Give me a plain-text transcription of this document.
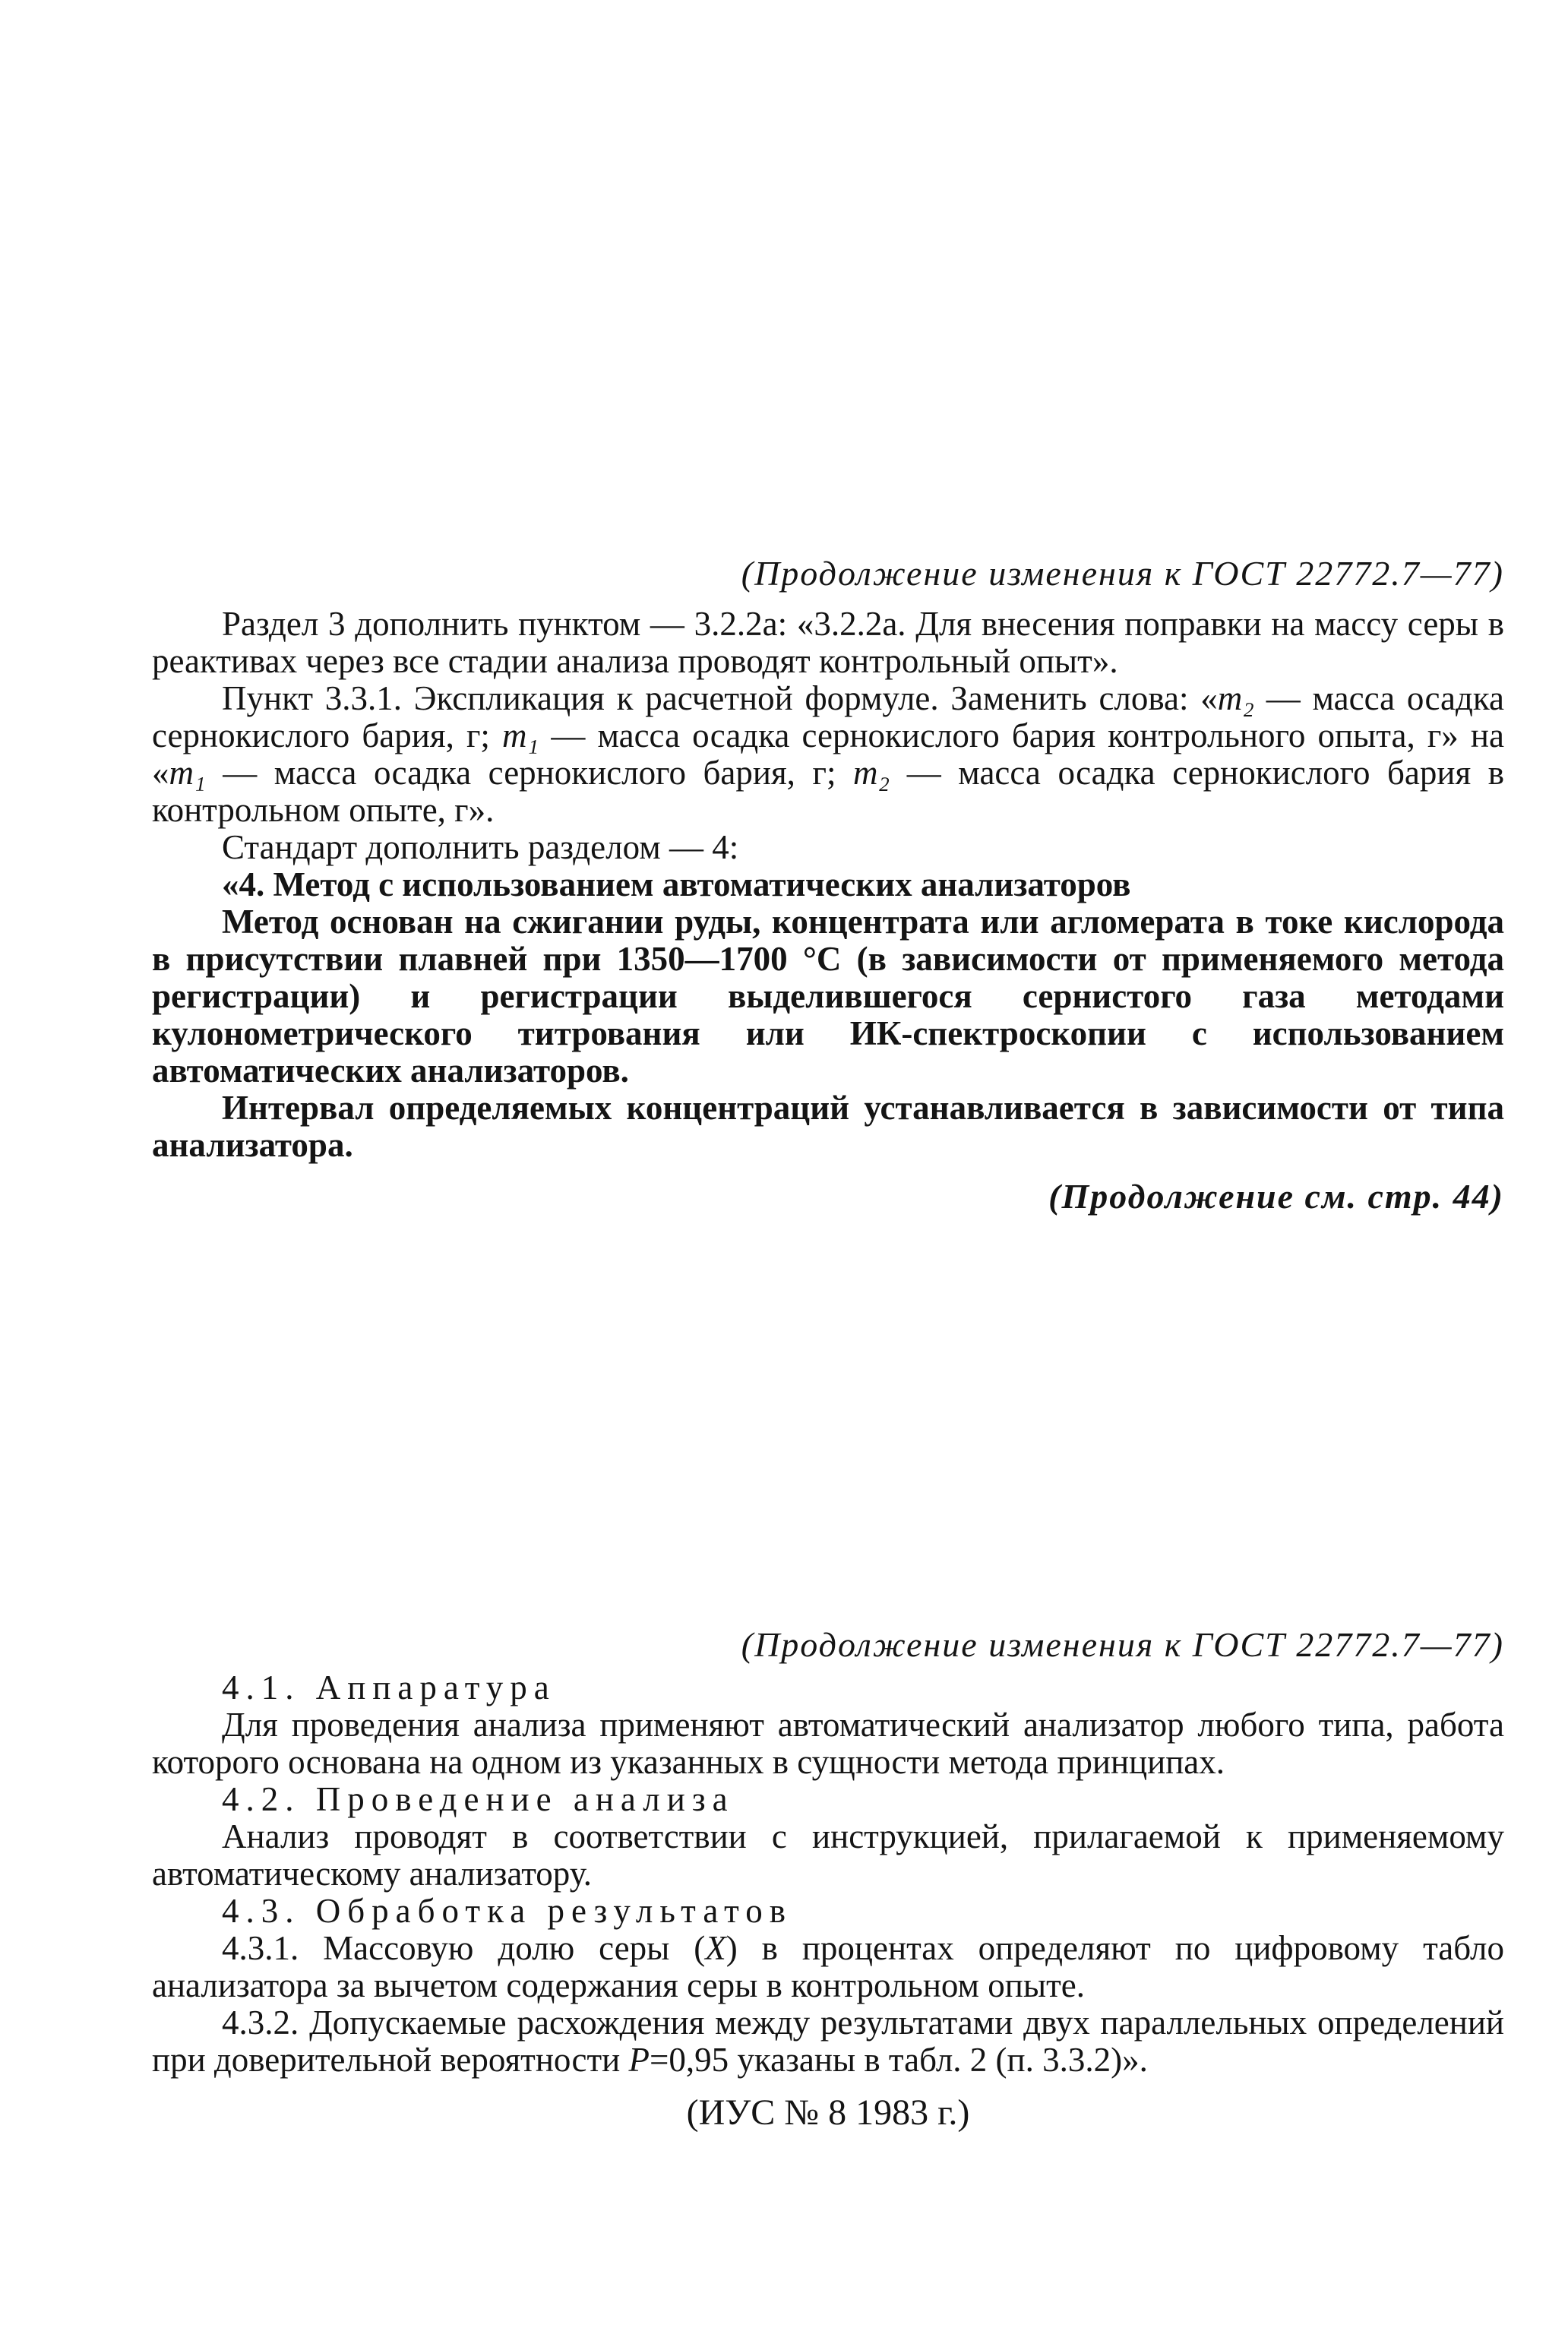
(Продолжение изменения к ГОСТ 22772.7—77)

Раздел 3 дополнить пунктом — 3.2.2а: «3.2.2а. Для внесения поправки на массу серы в реактивах через все стадии анализа проводят контрольный опыт».

Пункт 3.3.1. Экспликация к расчетной формуле. Заменить слова: «m₂ — масса осадка сернокислого бария, г; m₁ — масса осадка сернокислого бария контрольного опыта, г» на «m₁ — масса осадка сернокислого бария, г; m₂ — масса осадка сернокислого бария в контрольном опыте, г».

Стандарт дополнить разделом — 4:

«4. Метод с использованием автоматических анализаторов

Метод основан на сжигании руды, концентрата или агломерата в токе кислорода в присутствии плавней при 1350—1700 °С (в зависимости от применяемого метода регистрации) и регистрации выделившегося сернистого газа методами кулонометрического титрования или ИК-спектроскопии с использованием автоматических анализаторов.

Интервал определяемых концентраций устанавливается в зависимости от типа анализатора.

(Продолжение см. стр. 44)

(Продолжение изменения к ГОСТ 22772.7—77)

4.1. Аппаратура

Для проведения анализа применяют автоматический анализатор любого типа, работа которого основана на одном из указанных в сущности метода принципах.

4.2. Проведение анализа

Анализ проводят в соответствии с инструкцией, прилагаемой к применяемому автоматическому анализатору.

4.3. Обработка результатов

4.3.1. Массовую долю серы (X) в процентах определяют по цифровому табло анализатора за вычетом содержания серы в контрольном опыте.

4.3.2. Допускаемые расхождения между результатами двух параллельных определений при доверительной вероятности P=0,95 указаны в табл. 2 (п. 3.3.2)».

(ИУС № 8 1983 г.)
